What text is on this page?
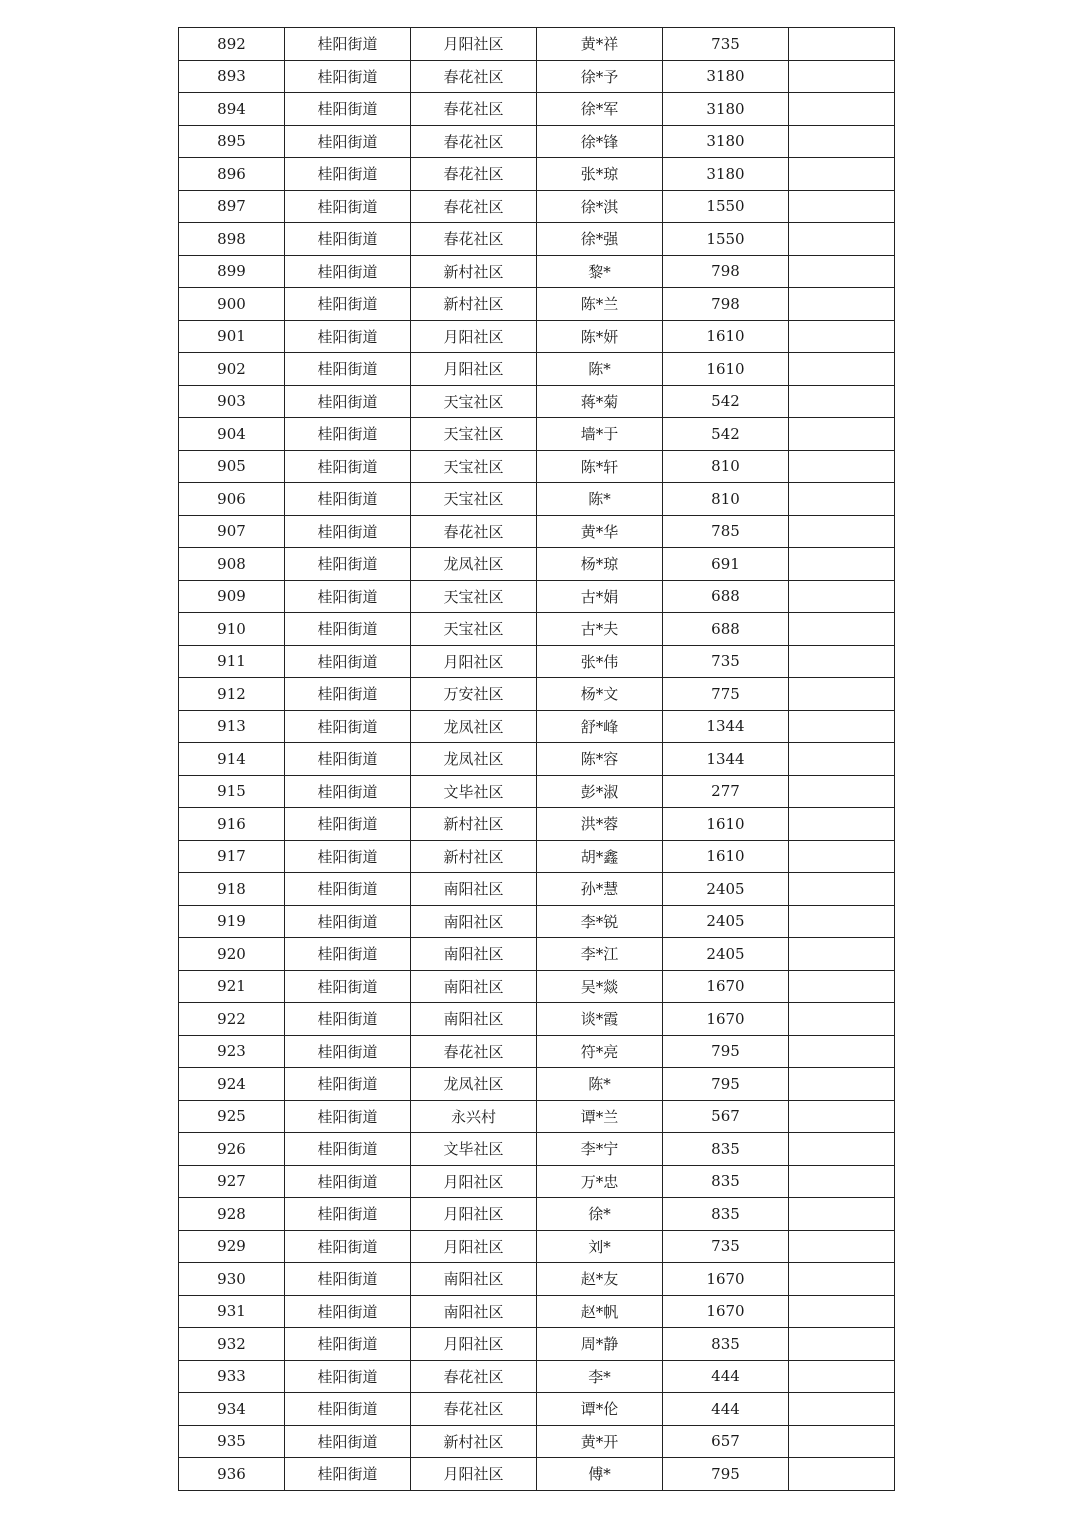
892	桂阳街道	月阳社区	黄*祥	735	
893	桂阳街道	春花社区	徐*予	3180	
894	桂阳街道	春花社区	徐*军	3180	
895	桂阳街道	春花社区	徐*锋	3180	
896	桂阳街道	春花社区	张*琼	3180	
897	桂阳街道	春花社区	徐*淇	1550	
898	桂阳街道	春花社区	徐*强	1550	
899	桂阳街道	新村社区	黎*	798	
900	桂阳街道	新村社区	陈*兰	798	
901	桂阳街道	月阳社区	陈*妍	1610	
902	桂阳街道	月阳社区	陈*	1610	
903	桂阳街道	天宝社区	蒋*菊	542	
904	桂阳街道	天宝社区	墙*于	542	
905	桂阳街道	天宝社区	陈*轩	810	
906	桂阳街道	天宝社区	陈*	810	
907	桂阳街道	春花社区	黄*华	785	
908	桂阳街道	龙凤社区	杨*琼	691	
909	桂阳街道	天宝社区	古*娟	688	
910	桂阳街道	天宝社区	古*夫	688	
911	桂阳街道	月阳社区	张*伟	735	
912	桂阳街道	万安社区	杨*文	775	
913	桂阳街道	龙凤社区	舒*峰	1344	
914	桂阳街道	龙凤社区	陈*容	1344	
915	桂阳街道	文毕社区	彭*淑	277	
916	桂阳街道	新村社区	洪*蓉	1610	
917	桂阳街道	新村社区	胡*鑫	1610	
918	桂阳街道	南阳社区	孙*慧	2405	
919	桂阳街道	南阳社区	李*锐	2405	
920	桂阳街道	南阳社区	李*江	2405	
921	桂阳街道	南阳社区	吴*燚	1670	
922	桂阳街道	南阳社区	谈*霞	1670	
923	桂阳街道	春花社区	符*亮	795	
924	桂阳街道	龙凤社区	陈*	795	
925	桂阳街道	永兴村	谭*兰	567	
926	桂阳街道	文毕社区	李*宁	835	
927	桂阳街道	月阳社区	万*忠	835	
928	桂阳街道	月阳社区	徐*	835	
929	桂阳街道	月阳社区	刘*	735	
930	桂阳街道	南阳社区	赵*友	1670	
931	桂阳街道	南阳社区	赵*帆	1670	
932	桂阳街道	月阳社区	周*静	835	
933	桂阳街道	春花社区	李*	444	
934	桂阳街道	春花社区	谭*伦	444	
935	桂阳街道	新村社区	黄*开	657	
936	桂阳街道	月阳社区	傅*	795	
